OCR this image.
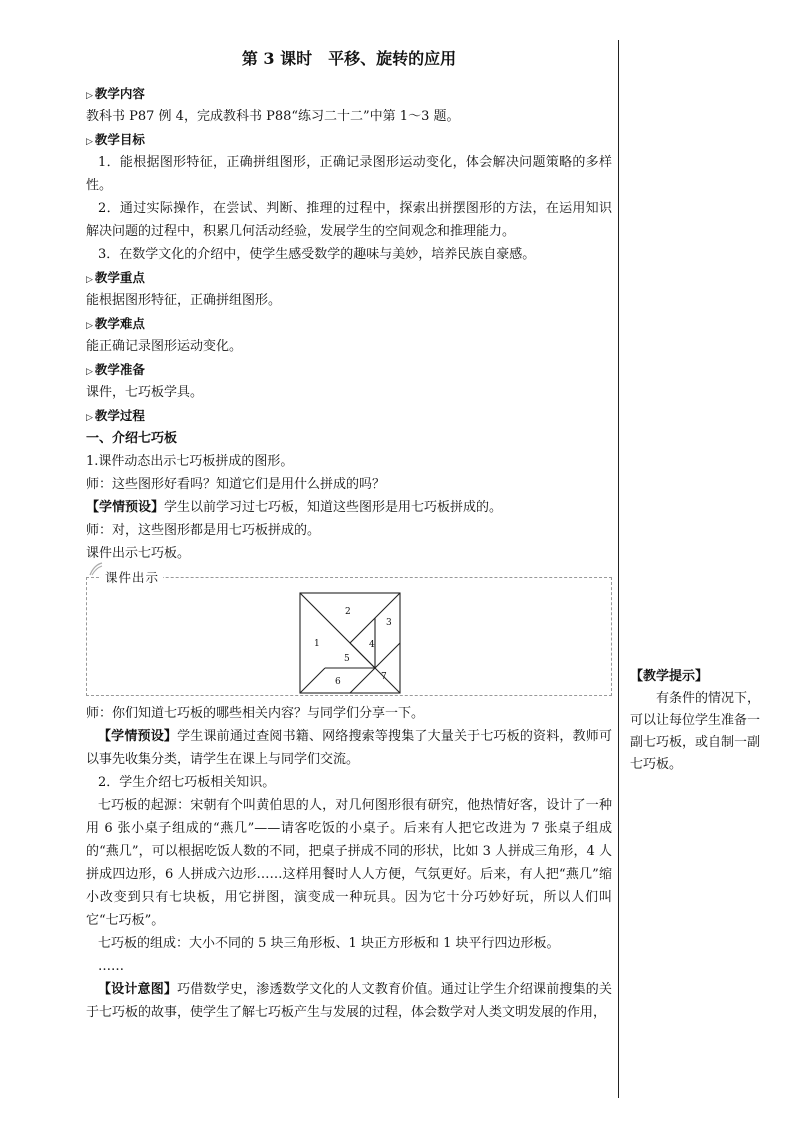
第 3 课时　平移、旋转的应用
▷ 教学内容

教科书 P87 例 4，完成教科书 P88“练习二十二”中第 1～3 题。

▷ 教学目标

1．能根据图形特征，正确拼组图形，正确记录图形运动变化，体会解决问题策略的多样性。

2．通过实际操作，在尝试、判断、推理的过程中，探索出拼摆图形的方法，在运用知识解决问题的过程中，积累几何活动经验，发展学生的空间观念和推理能力。

3．在数学文化的介绍中，使学生感受数学的趣味与美妙，培养民族自豪感。

▷ 教学重点

能根据图形特征，正确拼组图形。

▷ 教学难点

能正确记录图形运动变化。

▷ 教学准备

课件，七巧板学具。

▷ 教学过程

一、介绍七巧板

1.课件动态出示七巧板拼成的图形。

师：这些图形好看吗？知道它们是用什么拼成的吗？

【学情预设】学生以前学习过七巧板，知道这些图形是用七巧板拼成的。

师：对，这些图形都是用七巧板拼成的。

课件出示七巧板。

课件出示
1
2
3
4
5
6	7

师：你们知道七巧板的哪些相关内容？与同学们分享一下。

【学情预设】学生课前通过查阅书籍、网络搜索等搜集了大量关于七巧板的资料，教师可以事先收集分类，请学生在课上与同学们交流。

2．学生介绍七巧板相关知识。

七巧板的起源：宋朝有个叫黄伯思的人，对几何图形很有研究，他热情好客，设计了一种用 6 张小桌子组成的“燕几”——请客吃饭的小桌子。后来有人把它改进为 7 张桌子组成的“燕几”，可以根据吃饭人数的不同，把桌子拼成不同的形状，比如 3 人拼成三角形，4 人拼成四边形，6 人拼成六边形……这样用餐时人人方便，气氛更好。后来，有人把“燕几”缩小改变到只有七块板，用它拼图，演变成一种玩具。因为它十分巧妙好玩，所以人们叫它“七巧板”。

七巧板的组成：大小不同的 5 块三角形板、1 块正方形板和 1 块平行四边形板。

……

【设计意图】巧借数学史，渗透数学文化的人文教育价值。通过让学生介绍课前搜集的关于七巧板的故事，使学生了解七巧板产生与发展的过程，体会数学对人类文明发展的作用，

【教学提示】
有条件的情况下，可以让每位学生准备一副七巧板，或自制一副七巧板。
